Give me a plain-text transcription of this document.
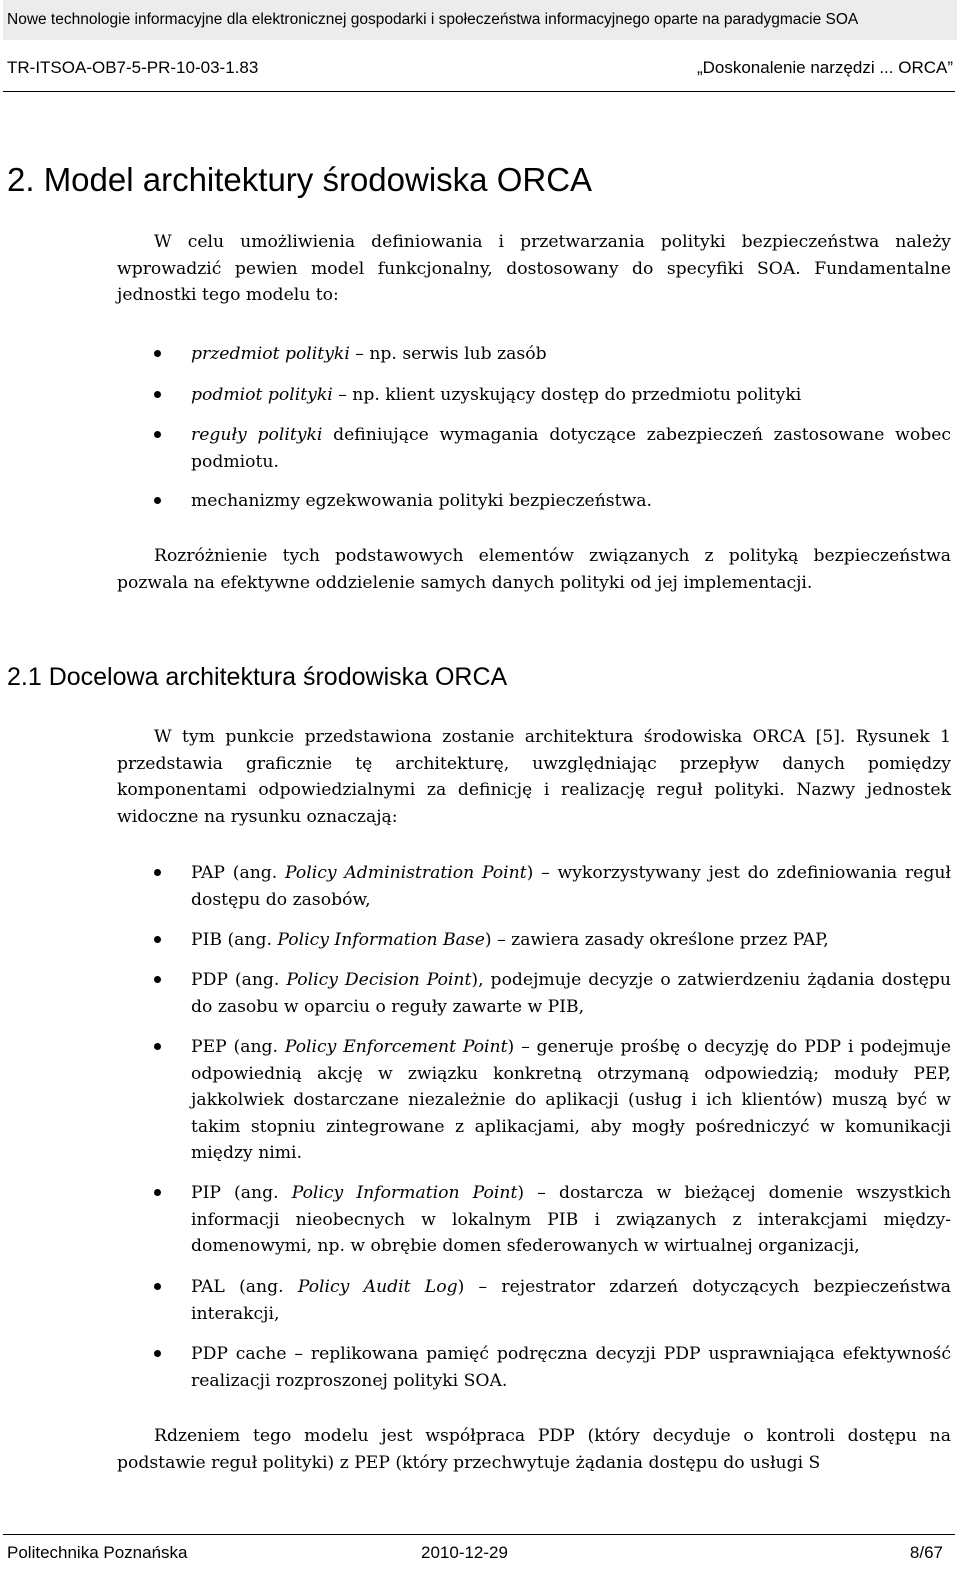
Nowe technologie informacyjne dla elektronicznej gospodarki i społeczeństwa informacyjnego oparte na paradygmacie SOA
TR-ITSOA-OB7-5-PR-10-03-1.83	„Doskonalenie narzędzi ... ORCA”
2. Model architektury środowiska ORCA

W celu umożliwienia definiowania i przetwarzania polityki bezpieczeństwa należy wprowadzić pewien model funkcjonalny, dostosowany do specyfiki SOA. Fundamentalne jednostki tego modelu to:

przedmiot polityki – np. serwis lub zasób
podmiot polityki – np. klient uzyskujący dostęp do przedmiotu polityki
reguły polityki definiujące wymagania dotyczące zabezpieczeń zastosowane wobec podmiotu.
mechanizmy egzekwowania polityki bezpieczeństwa.

Rozróżnienie tych podstawowych elementów związanych z polityką bezpieczeństwa pozwala na efektywne oddzielenie samych danych polityki od jej implementacji.

2.1 Docelowa architektura środowiska ORCA

W tym punkcie przedstawiona zostanie architektura środowiska ORCA [5]. Rysunek 1 przedstawia graficznie tę architekturę, uwzględniając przepływ danych pomiędzy komponentami odpowiedzialnymi za definicję i realizację reguł polityki. Nazwy jednostek widoczne na rysunku oznaczają:

PAP (ang. Policy Administration Point) – wykorzystywany jest do zdefiniowania reguł dostępu do zasobów,
PIB (ang. Policy Information Base) – zawiera zasady określone przez PAP,
PDP (ang. Policy Decision Point), podejmuje decyzje o zatwierdzeniu żądania dostępu do zasobu w oparciu o reguły zawarte w PIB,
PEP (ang. Policy Enforcement Point) – generuje prośbę o decyzję do PDP i podejmuje odpowiednią akcję w związku konkretną otrzymaną odpowiedzią; moduły PEP, jakkolwiek dostarczane niezależnie do aplikacji (usług i ich klientów) muszą być w takim stopniu zintegrowane z aplikacjami, aby mogły pośredniczyć w komunikacji między nimi.
PIP (ang. Policy Information Point) – dostarcza w bieżącej domenie wszystkich informacji nieobecnych w lokalnym PIB i związanych z interakcjami między-domenowymi, np. w obrębie domen sfederowanych w wirtualnej organizacji,
PAL (ang. Policy Audit Log) – rejestrator zdarzeń dotyczących bezpieczeństwa interakcji,
PDP cache – replikowana pamięć podręczna decyzji PDP usprawniająca efektywność realizacji rozproszonej polityki SOA.

Rdzeniem tego modelu jest współpraca PDP (który decyduje o kontroli dostępu na podstawie reguł polityki) z PEP (który przechwytuje żądania dostępu do usługi S

Politechnika Poznańska	2010-12-29	8/67
